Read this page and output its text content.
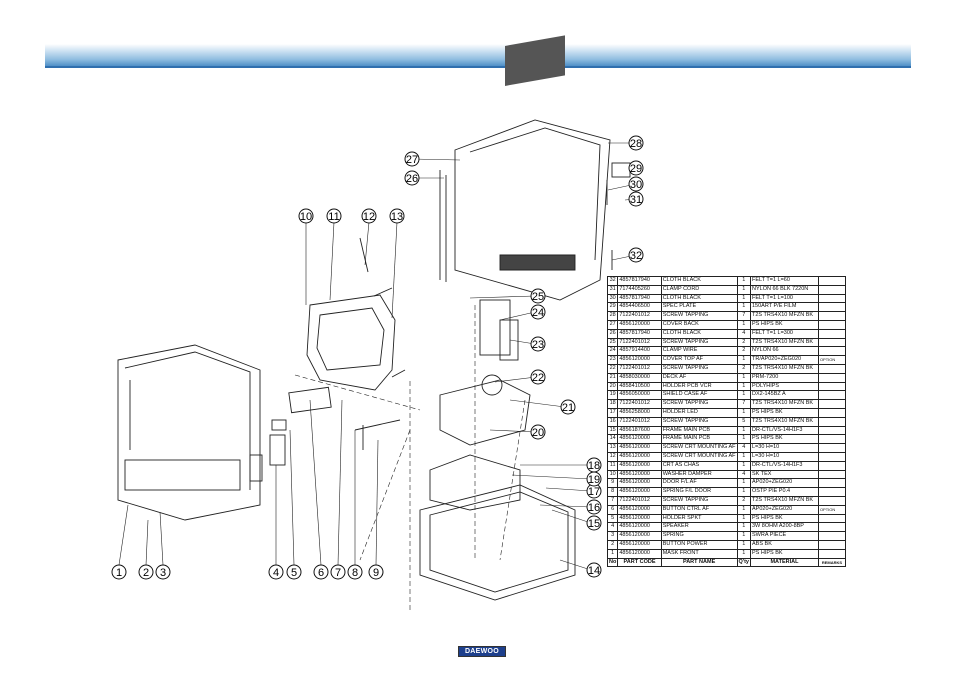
1 2 3	4 5 6 7 8 9
10 11 12 13
14
15
16
17
18
19
20
21
22
23
24
25
26
27
28
29
30
31
32
32	4857817940	CLOTH BLACK	1	FELT T=1 L=60	
31	7174405260	CLAMP CORD	1	NYLON 66 BLK 7220N	
30	4857817940	CLOTH BLACK	1	FELT T=1 L=100	
29	4854406500	SPEC PLATE	1	150ART P/E FILM	
28	7122401012	SCREW TAPPING	7	T2S TRS4X10 MFZN BK	
27	4856120000	COVER BACK	1	PS HIPS BK	
26	4857817940	CLOTH BLACK	4	FELT T=1 L=300	
25	7122401012	SCREW TAPPING	2	T2S TRS4X10 MFZN BK	
24	4857914400	CLAMP WIRE	2	NYLON 66	
23	4856120000	COVER TOP AF	1	TR/AP020+ZEG020	OPTION
22	7122401012	SCREW TAPPING	2	T2S TRS4X10 MFZN BK	
21	4858030000	DECK AF	1	PRM-7200	
20	4858410500	HOLDER PCB VCR	1	POLYHIPS	
19	4856050000	SHIELD CASE AF	1	DX2-145BZ A	
18	7122401012	SCREW TAPPING	7	T2S TRS4X10 MFZN BK	
17	4856258000	HOLDER LED	1	PS HIPS BK	
16	7122401012	SCREW TAPPING	5	T2S TRS4X10 MFZN BK	
15	4856187600	FRAME MAIN PCB	1	DR-CTL/VS-14H1F3	
14	4856120000	FRAME MAIN PCB	1	PS HIPS BK	
13	4856120000	SCREW CRT MOUNTING AF	4	L=30 H=10	
12	4856120000	SCREW CRT MOUNTING AF	1	L=30 H=10	
11	4856120000	CRT AS CHAS	1	DR-CTL/VS-14H1F3	
10	4856120000	WASHER DAMPER	4	SK TEX	
9	4856120000	DOOR F/L AF	1	AP020+ZEG020	
8	4856120000	SPRING F/L DOOR	1	OSTP PIE P0.4	
7	7122401012	SCREW TAPPING	2	T2S TRS4X10 MFZN BK	
6	4856120000	BUTTON CTRL AF	1	AP020+ZEG020	OPTION
5	4856120000	HOLDER SPKT	1	PS HIPS BK	
4	4856120000	SPEAKER	1	3W 8OHM A200-8BP	
3	4856120000	SPRING	1	SWRA PIECE	
2	4856120000	BUTTON POWER	1	ABS BK	
1	4856120000	MASK FRONT	1	PS HIPS BK	
No	PART CODE	PART NAME	Q'ty	MATERIAL	REMARKS
DAEWOO
